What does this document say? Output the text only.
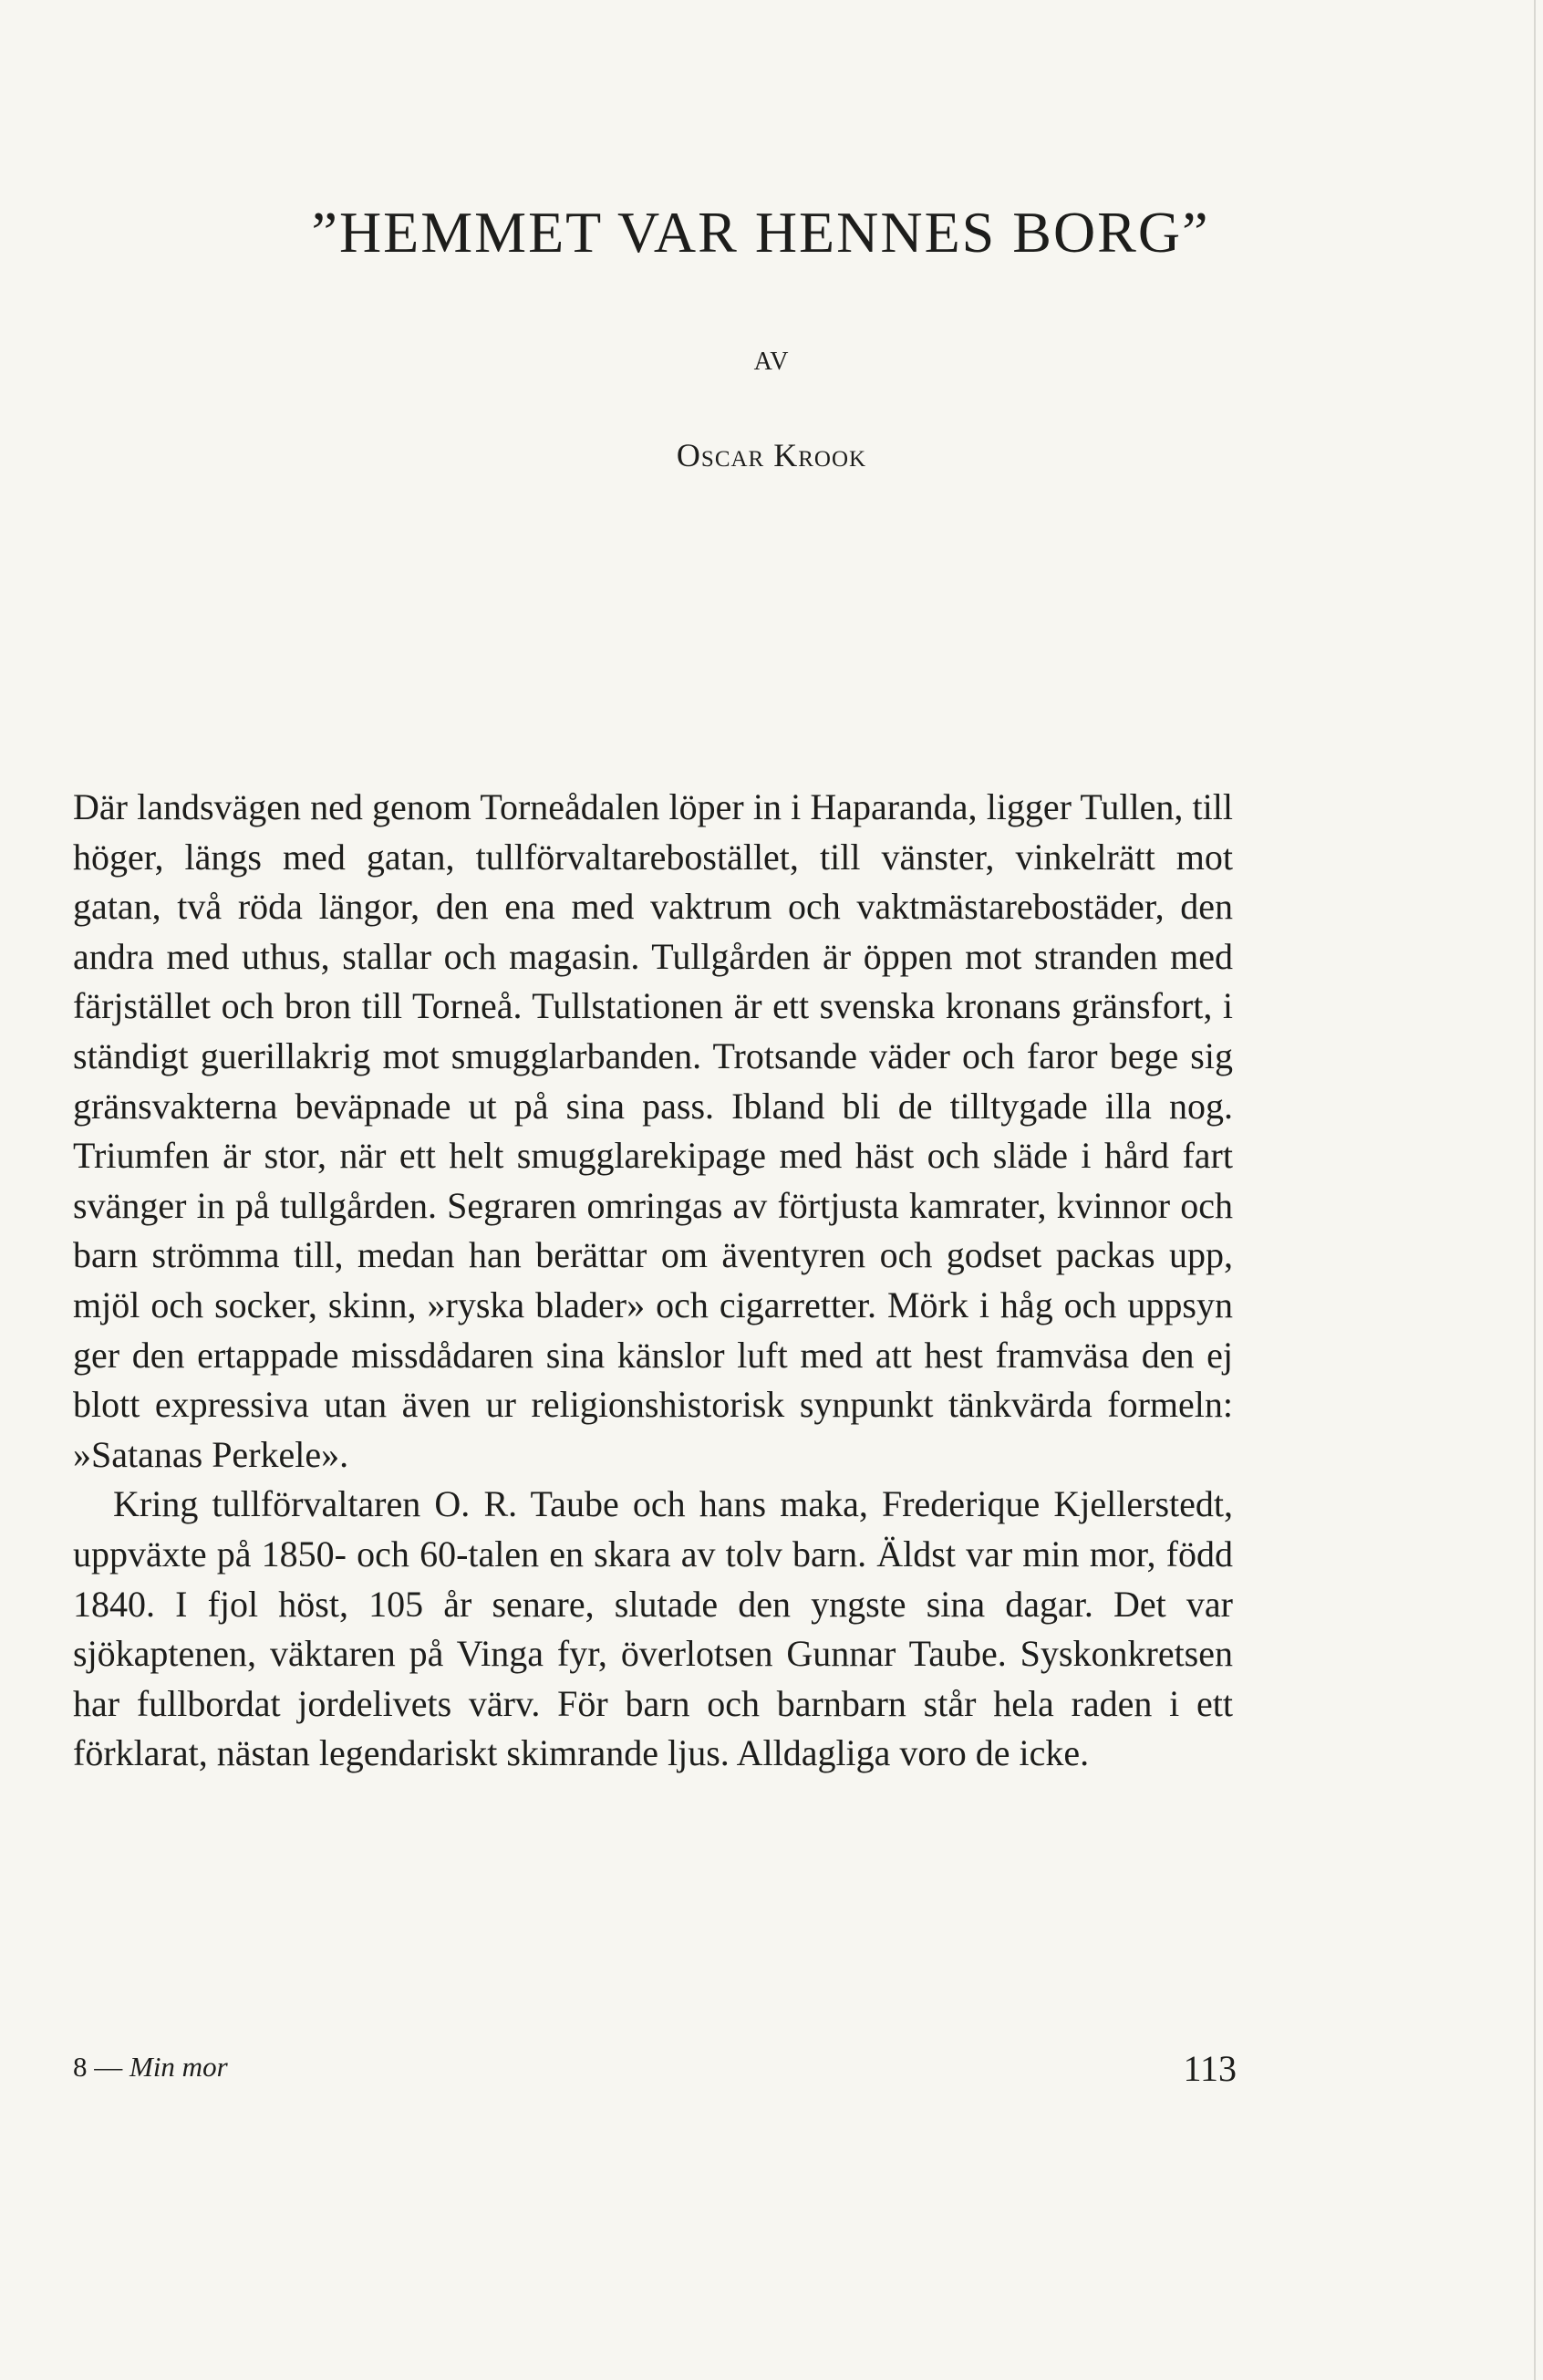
”HEMMET VAR HENNES BORG”
AV
Oscar Krook

Där landsvägen ned genom Torneådalen löper in i Haparanda, ligger Tullen, till höger, längs med gatan, tullförvaltarebostället, till vänster, vinkelrätt mot gatan, två röda längor, den ena med vaktrum och vaktmästarebostäder, den andra med uthus, stallar och magasin. Tullgården är öppen mot stranden med färjstället och bron till Torneå. Tullstationen är ett svenska kronans gränsfort, i ständigt guerillakrig mot smugglarbanden. Trotsande väder och faror bege sig gränsvakterna beväpnade ut på sina pass. Ibland bli de tilltygade illa nog. Triumfen är stor, när ett helt smugglarekipage med häst och släde i hård fart svänger in på tullgården. Segraren omringas av förtjusta kamrater, kvinnor och barn strömma till, medan han berättar om äventyren och godset packas upp, mjöl och socker, skinn, »ryska blader» och cigarretter. Mörk i håg och uppsyn ger den ertappade missdådaren sina känslor luft med att hest framväsa den ej blott expressiva utan även ur religionshistorisk synpunkt tänkvärda formeln: »Satanas Perkele».

Kring tullförvaltaren O. R. Taube och hans maka, Frederique Kjellerstedt, uppväxte på 1850- och 60-talen en skara av tolv barn. Äldst var min mor, född 1840. I fjol höst, 105 år senare, slutade den yngste sina dagar. Det var sjökaptenen, väktaren på Vinga fyr, överlotsen Gunnar Taube. Syskonkretsen har fullbordat jordelivets värv. För barn och barnbarn står hela raden i ett förklarat, nästan legendariskt skimrande ljus. Alldagliga voro de icke.

8 — Min mor	113
